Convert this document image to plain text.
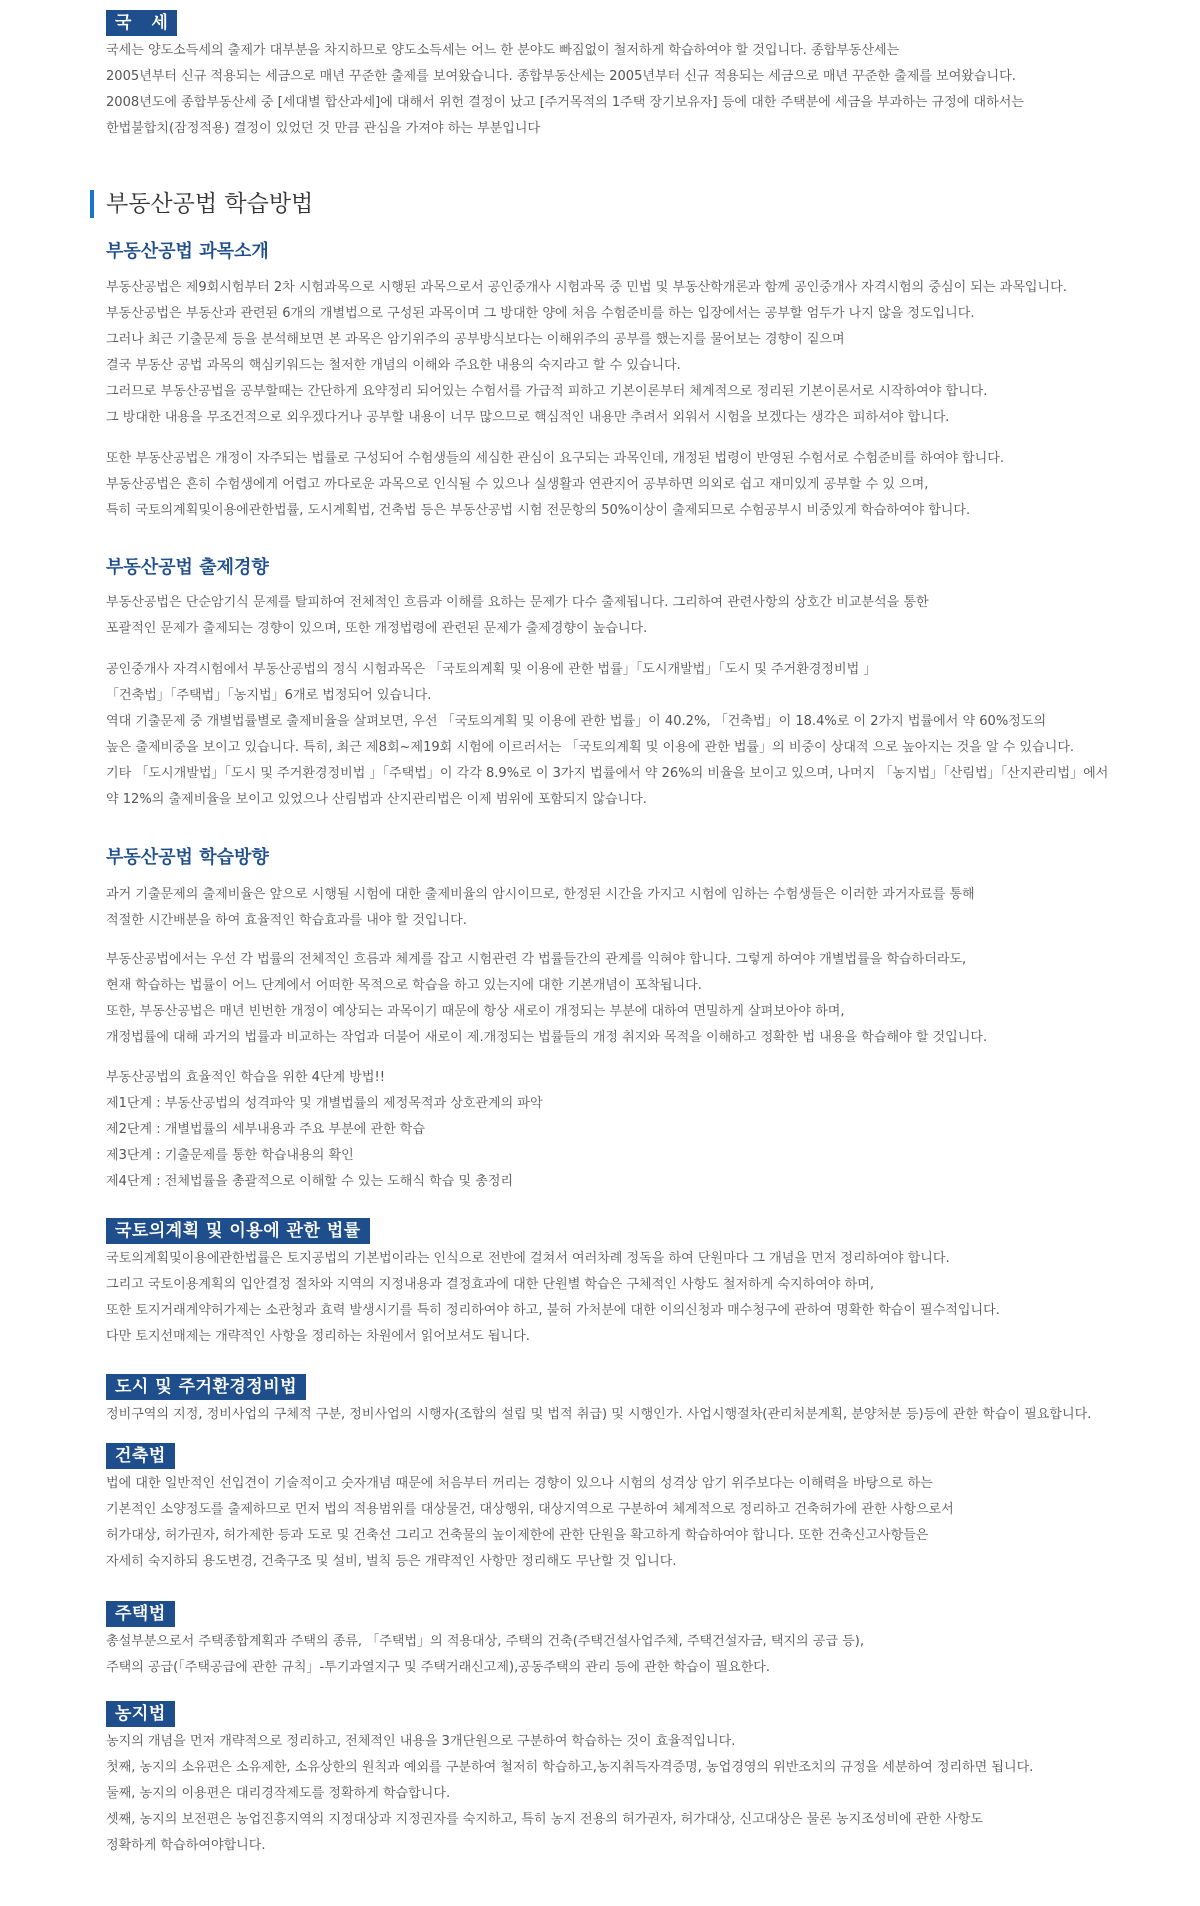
국 세
국세는 양도소득세의 출제가 대부분을 차지하므로 양도소득세는 어느 한 분야도 빠짐없이 철저하게 학습하여야 할 것입니다. 종합부동산세는
2005년부터 신규 적용되는 세금으로 매년 꾸준한 출제를 보여왔습니다. 종합부동산세는 2005년부터 신규 적용되는 세금으로 매년 꾸준한 출제를 보여왔습니다.
2008년도에 종합부동산세 중 [세대별 합산과세]에 대해서 위헌 결정이 났고 [주거목적의 1주택 장기보유자] 등에 대한 주택분에 세금을 부과하는 규정에 대하서는
한법불합치(잠정적용) 결정이 있었던 것 만큼 관심을 가져야 하는 부분입니다
부동산공법 학습방법
부동산공법 과목소개
부동산공법은 제9회시험부터 2차 시험과목으로 시행된 과목으로서 공인중개사 시험과목 중 민법 및 부동산학개론과 함께 공인중개사 자격시험의 중심이 되는 과목입니다.
부동산공법은 부동산과 관련된 6개의 개별법으로 구성된 과목이며 그 방대한 양에 처음 수험준비를 하는 입장에서는 공부할 엄두가 나지 않을 정도입니다.
그러나 최근 기출문제 등을 분석해보면 본 과목은 암기위주의 공부방식보다는 이해위주의 공부를 했는지를 물어보는 경향이 짙으며
결국 부동산 공법 과목의 핵심키워드는 철저한 개념의 이해와 주요한 내용의 숙지라고 할 수 있습니다.
그러므로 부동산공법을 공부할때는 간단하게 요약정리 되어있는 수험서를 가급적 피하고 기본이론부터 체계적으로 정리된 기본이론서로 시작하여야 합니다.
그 방대한 내용을 무조건적으로 외우겠다거나 공부할 내용이 너무 많으므로 핵심적인 내용만 추려서 외워서 시험을 보겠다는 생각은 피하셔야 합니다.
또한 부동산공법은 개정이 자주되는 법률로 구성되어 수험생들의 세심한 관심이 요구되는 과목인데, 개정된 법령이 반영된 수험서로 수험준비를 하여야 합니다.
부동산공법은 흔히 수험생에게 어렵고 까다로운 과목으로 인식될 수 있으나 실생활과 연관지어 공부하면 의외로 쉽고 재미있게 공부할 수 있 으며,
특히 국토의계획및이용에관한법률, 도시계획법, 건축법 등은 부동산공법 시험 전문항의 50%이상이 출제되므로 수험공부시 비중있게 학습하여야 합니다.
부동산공법 출제경향
부동산공법은 단순암기식 문제를 탈피하여 전체적인 흐름과 이해를 요하는 문제가 다수 출제됩니다. 그리하여 관련사항의 상호간 비교분석을 통한
포괄적인 문제가 출제되는 경향이 있으며, 또한 개정법령에 관련된 문제가 출제경향이 높습니다.
공인중개사 자격시험에서 부동산공법의 정식 시험과목은 「국토의계획 및 이용에 관한 법률」「도시개발법」「도시 및 주거환경정비법 」
「건축법」「주택법」「농지법」6개로 법정되어 있습니다.
역대 기출문제 중 개별법률별로 출제비율을 살펴보면, 우선 「국토의계획 및 이용에 관한 법률」이 40.2%, 「건축법」이 18.4%로 이 2가지 법률에서 약 60%정도의
높은 출제비중을 보이고 있습니다. 특히, 최근 제8회~제19회 시험에 이르러서는 「국토의계획 및 이용에 관한 법률」의 비중이 상대적 으로 높아지는 것을 알 수 있습니다.
기타 「도시개발법」「도시 및 주거환경정비법 」「주택법」이 각각 8.9%로 이 3가지 법률에서 약 26%의 비율을 보이고 있으며, 나머지 「농지법」「산림법」「산지관리법」에서
약 12%의 출제비율을 보이고 있었으나 산림법과 산지관리법은 이제 범위에 포함되지 않습니다.
부동산공법 학습방향
과거 기출문제의 출제비율은 앞으로 시행될 시험에 대한 출제비율의 암시이므로, 한정된 시간을 가지고 시험에 임하는 수험생들은 이러한 과거자료를 통해
적절한 시간배분을 하여 효율적인 학습효과를 내야 할 것입니다.
부동산공법에서는 우선 각 법률의 전체적인 흐름과 체계를 잡고 시험관련 각 법률들간의 관계를 익혀야 합니다. 그렇게 하여야 개별법률을 학습하더라도,
현재 학습하는 법률이 어느 단계에서 어떠한 목적으로 학습을 하고 있는지에 대한 기본개념이 포착됩니다.
또한, 부동산공법은 매년 빈번한 개정이 예상되는 과목이기 때문에 항상 새로이 개정되는 부분에 대하여 면밀하게 살펴보아야 하며,
개정법률에 대해 과거의 법률과 비교하는 작업과 더불어 새로이 제.개정되는 법률들의 개정 취지와 목적을 이해하고 정확한 법 내용을 학습해야 할 것입니다.
부동산공법의 효율적인 학습을 위한 4단계 방법!!
제1단계 : 부동산공법의 성격파악 및 개별법률의 제정목적과 상호관계의 파악
제2단계 : 개별법률의 세부내용과 주요 부분에 관한 학습
제3단계 : 기출문제를 통한 학습내용의 확인
제4단계 : 전체법률을 총괄적으로 이해할 수 있는 도해식 학습 및 총정리
국토의계획 및 이용에 관한 법률
국토의계획및이용에관한법률은 토지공법의 기본법이라는 인식으로 전반에 걸쳐서 여러차례 정독을 하여 단원마다 그 개념을 먼저 정리하여야 합니다.
그리고 국토이용계획의 입안결정 절차와 지역의 지정내용과 결정효과에 대한 단원별 학습은 구체적인 사항도 철저하게 숙지하여야 하며,
또한 토지거래계약허가제는 소관청과 효력 발생시기를 특히 정리하여야 하고, 불허 가처분에 대한 이의신청과 매수청구에 관하여 명확한 학습이 필수적입니다.
다만 토지선매제는 개략적인 사항을 정리하는 차원에서 읽어보셔도 됩니다.
도시 및 주거환경정비법
정비구역의 지정, 정비사업의 구체적 구분, 정비사업의 시행자(조합의 설립 및 법적 취급) 및 시행인가. 사업시행절차(관리처분계획, 분양처분 등)등에 관한 학습이 필요합니다.
건축법
법에 대한 일반적인 선입견이 기술적이고 숫자개념 때문에 처음부터 꺼리는 경향이 있으나 시험의 성격상 암기 위주보다는 이해력을 바탕으로 하는
기본적인 소양정도를 출제하므로 먼저 법의 적용범위를 대상물건, 대상행위, 대상지역으로 구분하여 체계적으로 정리하고 건축허가에 관한 사항으로서
허가대상, 허가권자, 허가제한 등과 도로 및 건축선 그리고 건축물의 높이제한에 관한 단원을 확고하게 학습하여야 합니다. 또한 건축신고사항들은
자세히 숙지하되 용도변경, 건축구조 및 설비, 벌칙 등은 개략적인 사항만 정리해도 무난할 것 입니다.
주택법
총설부분으로서 주택종합계획과 주택의 종류, 「주택법」의 적용대상, 주택의 건축(주택건설사업주체, 주택건설자금, 택지의 공급 등),
주택의 공급(「주택공급에 관한 규칙」-투기과열지구 및 주택거래신고제),공동주택의 관리 등에 관한 학습이 필요한다.
농지법
농지의 개념을 먼저 개략적으로 정리하고, 전체적인 내용을 3개단원으로 구분하여 학습하는 것이 효율적입니다.
첫째, 농지의 소유편은 소유제한, 소유상한의 원칙과 예외를 구분하여 철저히 학습하고,농지취득자격증명, 농업경영의 위반조치의 규정을 세분하여 정리하면 됩니다.
둘째, 농지의 이용편은 대리경작제도를 정확하게 학습합니다.
셋째, 농지의 보전편은 농업진흥지역의 지정대상과 지정권자를 숙지하고, 특히 농지 전용의 허가권자, 허가대상, 신고대상은 물론 농지조성비에 관한 사항도
정확하게 학습하여야합니다.
